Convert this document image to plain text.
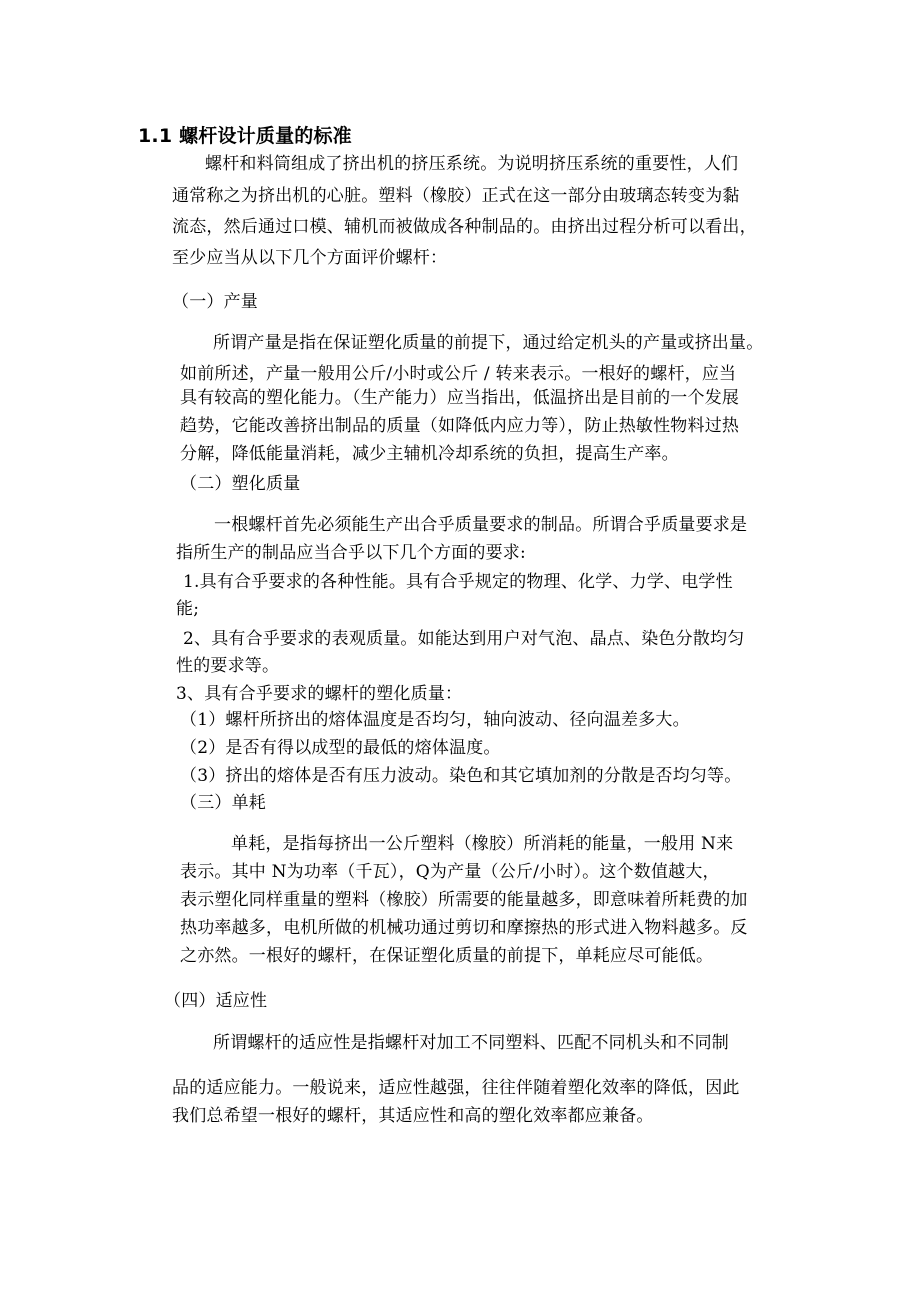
1.1 螺杆设计质量的标准
螺杆和料筒组成了挤出机的挤压系统。为说明挤压系统的重要性，人们
通常称之为挤出机的心脏。塑料（橡胶）正式在这一部分由玻璃态转变为黏
流态，然后通过口模、辅机而被做成各种制品的。由挤出过程分析可以看出，
至少应当从以下几个方面评价螺杆：
（一）产量
所谓产量是指在保证塑化质量的前提下，通过给定机头的产量或挤出量。
如前所述，产量一般用公斤/小时或公斤 / 转来表示。一根好的螺杆，应当
具有较高的塑化能力。（生产能力）应当指出，低温挤出是目前的一个发展
趋势，它能改善挤出制品的质量（如降低内应力等），防止热敏性物料过热
分解，降低能量消耗，减少主辅机冷却系统的负担，提高生产率。
（二）塑化质量
一根螺杆首先必须能生产出合乎质量要求的制品。所谓合乎质量要求是
指所生产的制品应当合乎以下几个方面的要求:
1.具有合乎要求的各种性能。具有合乎规定的物理、化学、力学、电学性
能;
2、具有合乎要求的表观质量。如能达到用户对气泡、晶点、染色分散均匀
性的要求等。
3、具有合乎要求的螺杆的塑化质量：
（1）螺杆所挤出的熔体温度是否均匀，轴向波动、径向温差多大。
（2）是否有得以成型的最低的熔体温度。
（3）挤出的熔体是否有压力波动。染色和其它填加剂的分散是否均匀等。
（三）单耗
单耗，是指每挤出一公斤塑料（橡胶）所消耗的能量，一般用 N来
表示。其中 N为功率（千瓦），Q为产量（公斤/小时）。这个数值越大，
表示塑化同样重量的塑料（橡胶）所需要的能量越多，即意味着所耗费的加
热功率越多，电机所做的机械功通过剪切和摩擦热的形式进入物料越多。反
之亦然。一根好的螺杆，在保证塑化质量的前提下，单耗应尽可能低。
（四）适应性
所谓螺杆的适应性是指螺杆对加工不同塑料、匹配不同机头和不同制
品的适应能力。一般说来，适应性越强，往往伴随着塑化效率的降低，因此
我们总希望一根好的螺杆，其适应性和高的塑化效率都应兼备。
